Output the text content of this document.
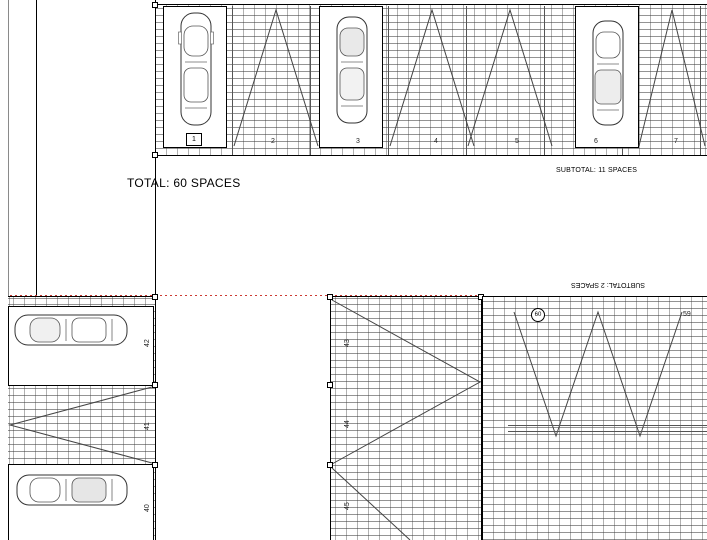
1	2	3	4	5	6	7
SUBTOTAL: 11 SPACES
TOTAL: 60 SPACES
SUBTOTAL: 2 SPACES
42
41
40
43
44
45
60	59
